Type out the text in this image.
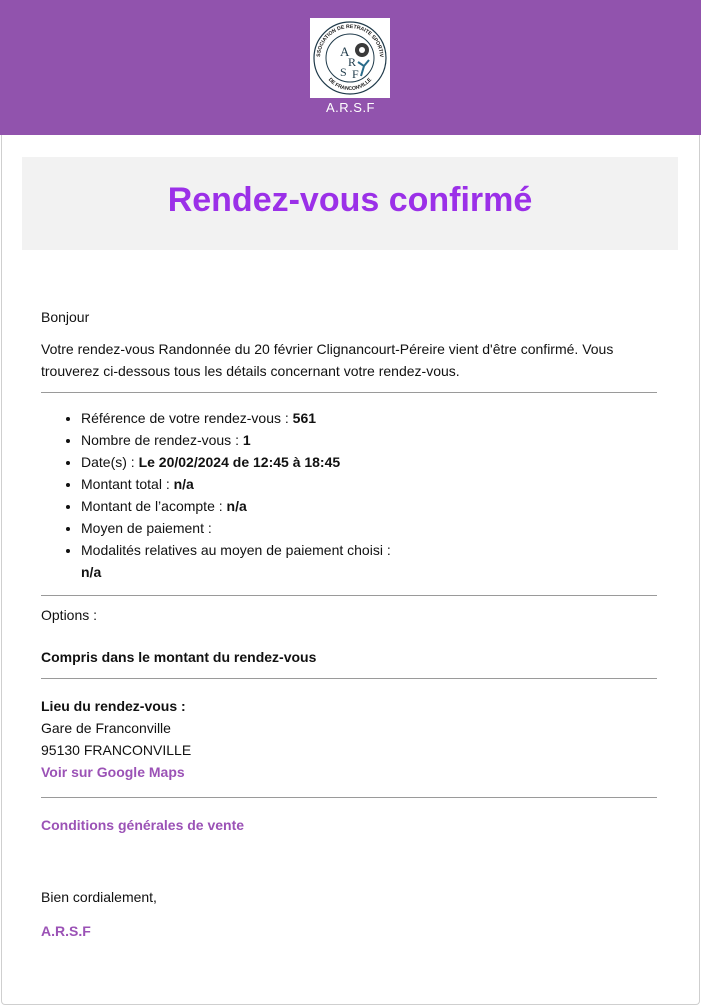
A
R
S F
SSOCIATION DE RETRAITE SPORTIV
DE FRANCONVILLE
A.R.S.F
Rendez-vous confirmé

Bonjour

Votre rendez-vous Randonnée du 20 février Clignancourt-Péreire vient d'être confirmé. Vous trouverez ci-dessous tous les détails concernant votre rendez-vous.

• Référence de votre rendez-vous : 561
• Nombre de rendez-vous : 1
• Date(s) : Le 20/02/2024 de 12:45 à 18:45
• Montant total : n/a
• Montant de l’acompte : n/a
• Moyen de paiement :
• Modalités relatives au moyen de paiement choisi :
n/a

Options :

Compris dans le montant du rendez-vous

Lieu du rendez-vous :
Gare de Franconville
95130 FRANCONVILLE
Voir sur Google Maps
Conditions générales de vente

Bien cordialement,

A.R.S.F
